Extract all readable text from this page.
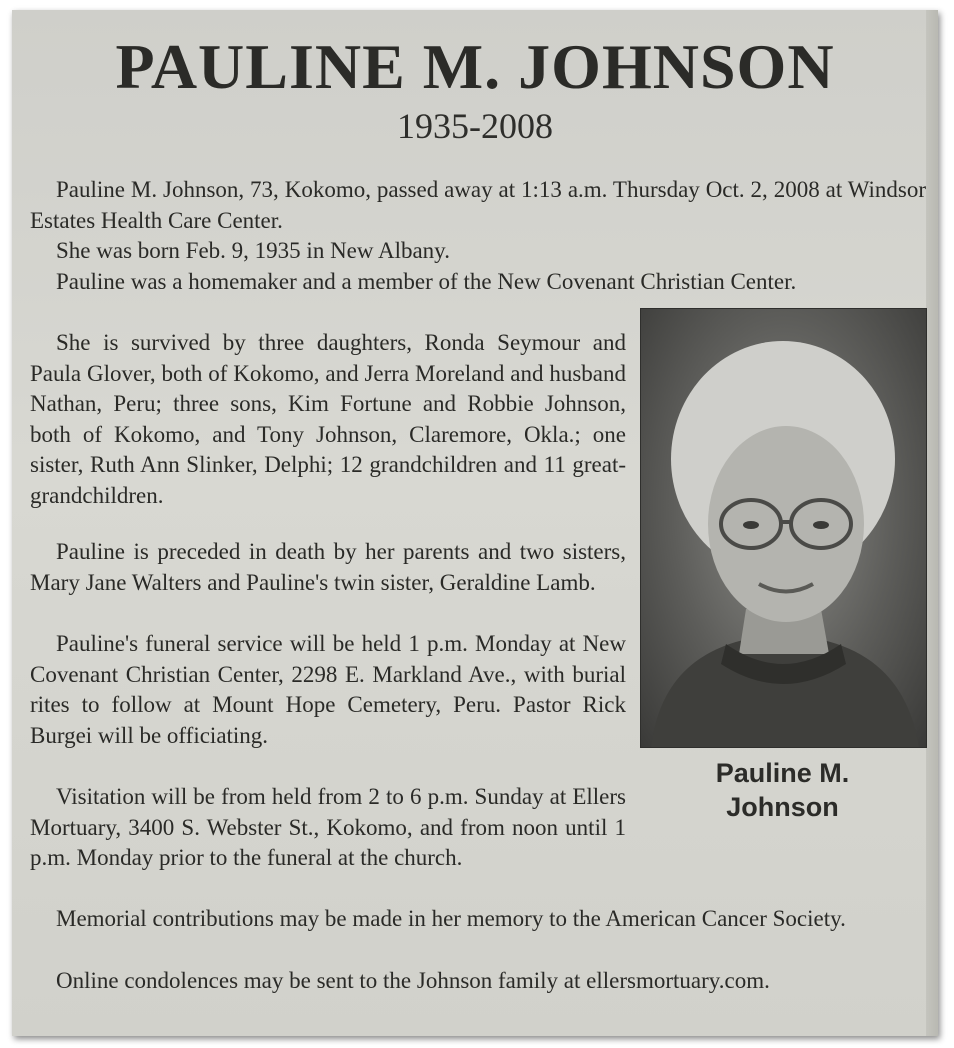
PAULINE M. JOHNSON
1935-2008

Pauline M. Johnson, 73, Kokomo, passed away at 1:13 a.m. Thursday Oct. 2, 2008 at Windsor Estates Health Care Center.

She was born Feb. 9, 1935 in New Albany.

Pauline was a homemaker and a member of the New Covenant Christian Center.

She is survived by three daughters, Ronda Seymour and Paula Glover, both of Kokomo, and Jerra Moreland and husband Nathan, Peru; three sons, Kim Fortune and Robbie Johnson, both of Kokomo, and Tony Johnson, Claremore, Okla.; one sister, Ruth Ann Slinker, Delphi; 12 grandchildren and 11 great-grandchildren.

Pauline is preceded in death by her parents and two sisters, Mary Jane Walters and Pauline's twin sister, Geraldine Lamb.

Pauline's funeral service will be held 1 p.m. Monday at New Covenant Christian Center, 2298 E. Markland Ave., with burial rites to follow at Mount Hope Cemetery, Peru. Pastor Rick Burgei will be officiating.

Visitation will be from held from 2 to 6 p.m. Sunday at Ellers Mortuary, 3400 S. Webster St., Kokomo, and from noon until 1 p.m. Monday prior to the funeral at the church.

Memorial contributions may be made in her memory to the American Cancer Society.

Online condolences may be sent to the Johnson family at ellersmortuary.com.

Pauline M.
Johnson
